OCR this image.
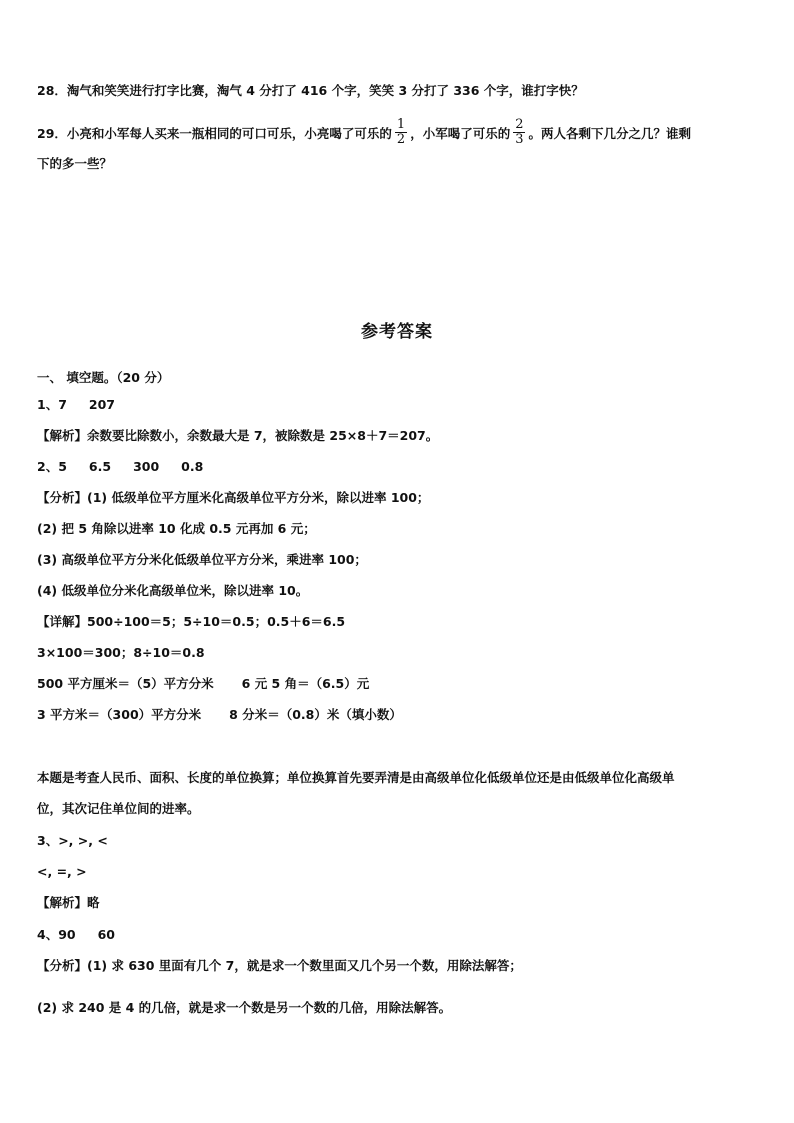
28．淘气和笑笑进行打字比赛，淘气 4 分打了 416 个字，笑笑 3 分打了 336 个字，谁打字快？
29．小亮和小军每人买来一瓶相同的可口可乐，小亮喝了可乐的 $\frac{1}{2}$ ，小军喝了可乐的 $\frac{2}{3}$ 。两人各剩下几分之几？谁剩
下的多一些？
参考答案
一、 填空题。（20 分）
1、7 207
【解析】余数要比除数小，余数最大是 7，被除数是 25×8＋7＝207。
2、5 6.5 300 0.8
【分析】(1) 低级单位平方厘米化高级单位平方分米，除以进率 100；
(2) 把 5 角除以进率 10 化成 0.5 元再加 6 元；
(3) 高级单位平方分米化低级单位平方分米，乘进率 100；
(4) 低级单位分米化高级单位米，除以进率 10。
【详解】500÷100＝5；5÷10＝0.5；0.5＋6＝6.5
3×100＝300；8÷10＝0.8
500 平方厘米＝（5）平方分米 6 元 5 角＝（6.5）元
3 平方米＝（300）平方分米 8 分米＝（0.8）米（填小数）
本题是考查人民币、面积、长度的单位换算；单位换算首先要弄清是由高级单位化低级单位还是由低级单位化高级单
位，其次记住单位间的进率。
3、>, >, <
<, =, >
【解析】略
4、90 60
【分析】(1) 求 630 里面有几个 7，就是求一个数里面又几个另一个数，用除法解答；
(2) 求 240 是 4 的几倍，就是求一个数是另一个数的几倍，用除法解答。
